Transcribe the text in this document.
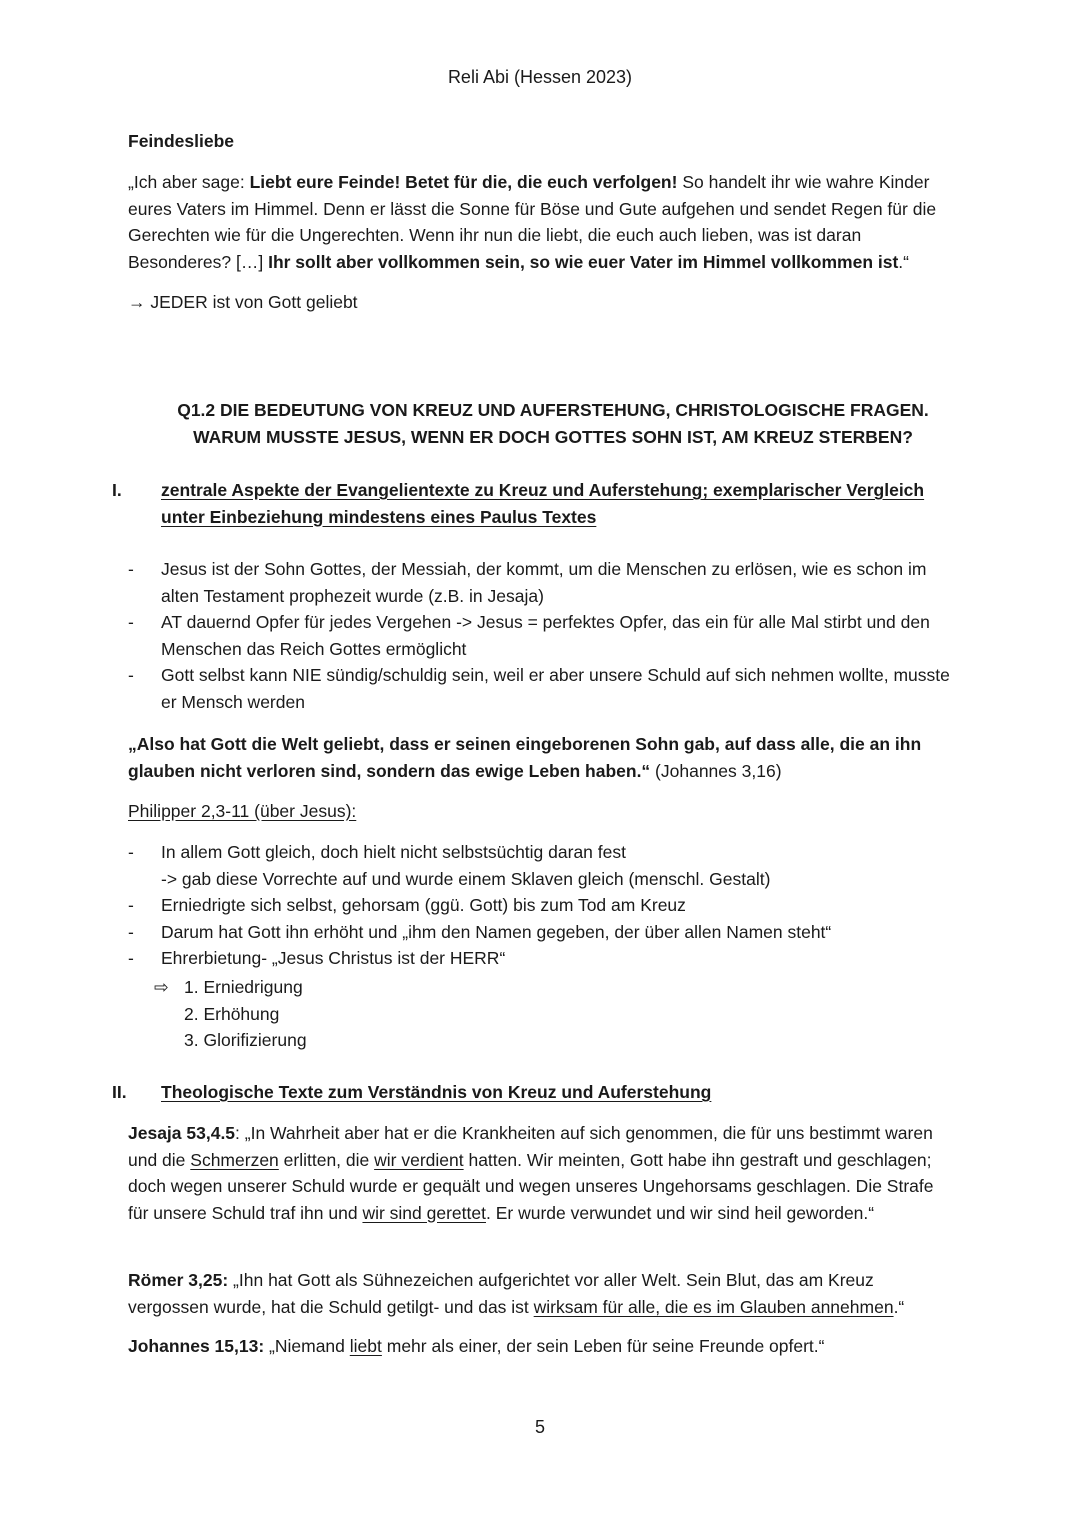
Reli Abi (Hessen 2023)
Feindesliebe
„Ich aber sage: Liebt eure Feinde! Betet für die, die euch verfolgen! So handelt ihr wie wahre Kinder eures Vaters im Himmel. Denn er lässt die Sonne für Böse und Gute aufgehen und sendet Regen für die Gerechten wie für die Ungerechten. Wenn ihr nun die liebt, die euch auch lieben, was ist daran Besonderes? […] Ihr sollt aber vollkommen sein, so wie euer Vater im Himmel vollkommen ist.“
→ JEDER ist von Gott geliebt
Q1.2 DIE BEDEUTUNG VON KREUZ UND AUFERSTEHUNG, CHRISTOLOGISCHE FRAGEN.
WARUM MUSSTE JESUS, WENN ER DOCH GOTTES SOHN IST, AM KREUZ STERBEN?
I.	zentrale Aspekte der Evangelientexte zu Kreuz und Auferstehung; exemplarischer Vergleich unter Einbeziehung mindestens eines Paulus Textes
- Jesus ist der Sohn Gottes, der Messiah, der kommt, um die Menschen zu erlösen, wie es schon im alten Testament prophezeit wurde (z.B. in Jesaja)
- AT dauernd Opfer für jedes Vergehen -> Jesus = perfektes Opfer, das ein für alle Mal stirbt und den Menschen das Reich Gottes ermöglicht
- Gott selbst kann NIE sündig/schuldig sein, weil er aber unsere Schuld auf sich nehmen wollte, musste er Mensch werden
„Also hat Gott die Welt geliebt, dass er seinen eingeborenen Sohn gab, auf dass alle, die an ihn glauben nicht verloren sind, sondern das ewige Leben haben.“ (Johannes 3,16)
Philipper 2,3-11 (über Jesus):
- In allem Gott gleich, doch hielt nicht selbstsüchtig daran fest
-> gab diese Vorrechte auf und wurde einem Sklaven gleich (menschl. Gestalt)
- Erniedrigte sich selbst, gehorsam (ggü. Gott) bis zum Tod am Kreuz
- Darum hat Gott ihn erhöht und „ihm den Namen gegeben, der über allen Namen steht“
- Ehrerbietung- „Jesus Christus ist der HERR“
⇨ 1. Erniedrigung
2. Erhöhung
3. Glorifizierung
II.	Theologische Texte zum Verständnis von Kreuz und Auferstehung
Jesaja 53,4.5: „In Wahrheit aber hat er die Krankheiten auf sich genommen, die für uns bestimmt waren und die Schmerzen erlitten, die wir verdient hatten. Wir meinten, Gott habe ihn gestraft und geschlagen; doch wegen unserer Schuld wurde er gequält und wegen unseres Ungehorsams geschlagen. Die Strafe für unsere Schuld traf ihn und wir sind gerettet. Er wurde verwundet und wir sind heil geworden.“
Römer 3,25: „Ihn hat Gott als Sühnezeichen aufgerichtet vor aller Welt. Sein Blut, das am Kreuz vergossen wurde, hat die Schuld getilgt- und das ist wirksam für alle, die es im Glauben annehmen.“
Johannes 15,13: „Niemand liebt mehr als einer, der sein Leben für seine Freunde opfert.“
5
